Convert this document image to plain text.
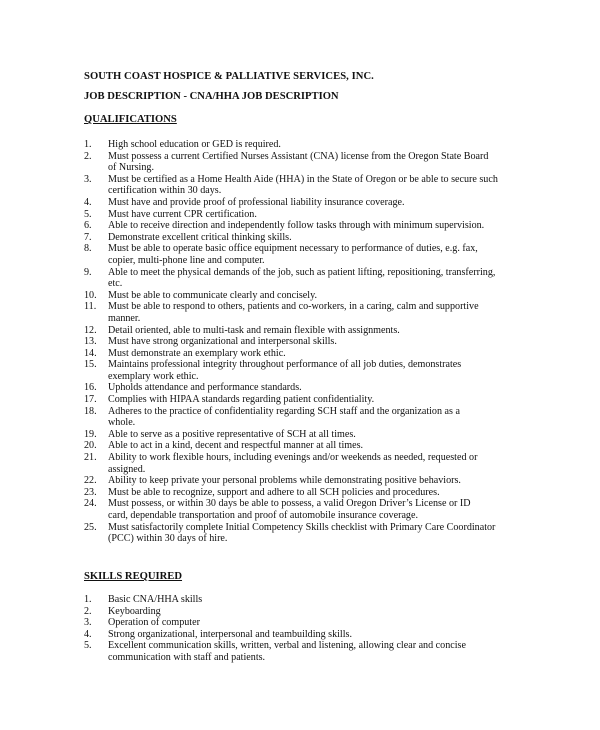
SOUTH COAST HOSPICE & PALLIATIVE SERVICES, INC.
JOB DESCRIPTION - CNA/HHA JOB DESCRIPTION
QUALIFICATIONS
1.	High school education or GED is required.
2.	Must possess a current Certified Nurses Assistant (CNA) license from the Oregon State Board
of Nursing.
3.	Must be certified as a Home Health Aide (HHA) in the State of Oregon or be able to secure such
certification within 30 days.
4.	Must have and provide proof of professional liability insurance coverage.
5.	Must have current CPR certification.
6.	Able to receive direction and independently follow tasks through with minimum supervision.
7.	Demonstrate excellent critical thinking skills.
8.	Must be able to operate basic office equipment necessary to performance of duties, e.g. fax,
copier, multi-phone line and computer.
9.	Able to meet the physical demands of the job, such as patient lifting, repositioning, transferring,
etc.
10.	Must be able to communicate clearly and concisely.
11.	Must be able to respond to others, patients and co-workers, in a caring, calm and supportive
manner.
12.	Detail oriented, able to multi-task and remain flexible with assignments.
13.	Must have strong organizational and interpersonal skills.
14.	Must demonstrate an exemplary work ethic.
15.	Maintains professional integrity throughout performance of all job duties, demonstrates
exemplary work ethic.
16.	Upholds attendance and performance standards.
17.	Complies with HIPAA standards regarding patient confidentiality.
18.	Adheres to the practice of confidentiality regarding SCH staff and the organization as a
whole.
19.	Able to serve as a positive representative of SCH at all times.
20.	Able to act in a kind, decent and respectful manner at all times.
21.	Ability to work flexible hours, including evenings and/or weekends as needed, requested or
assigned.
22.	Ability to keep private your personal problems while demonstrating positive behaviors.
23.	Must be able to recognize, support and adhere to all SCH policies and procedures.
24.	Must possess, or within 30 days be able to possess, a valid Oregon Driver’s License or ID
card, dependable transportation and proof of automobile insurance coverage.
25.	Must satisfactorily complete Initial Competency Skills checklist with Primary Care Coordinator
(PCC) within 30 days of hire.
SKILLS REQUIRED
1.	Basic CNA/HHA skills
2.	Keyboarding
3.	Operation of computer
4.	Strong organizational, interpersonal and teambuilding skills.
5.	Excellent communication skills, written, verbal and listening, allowing clear and concise
communication with staff and patients.
